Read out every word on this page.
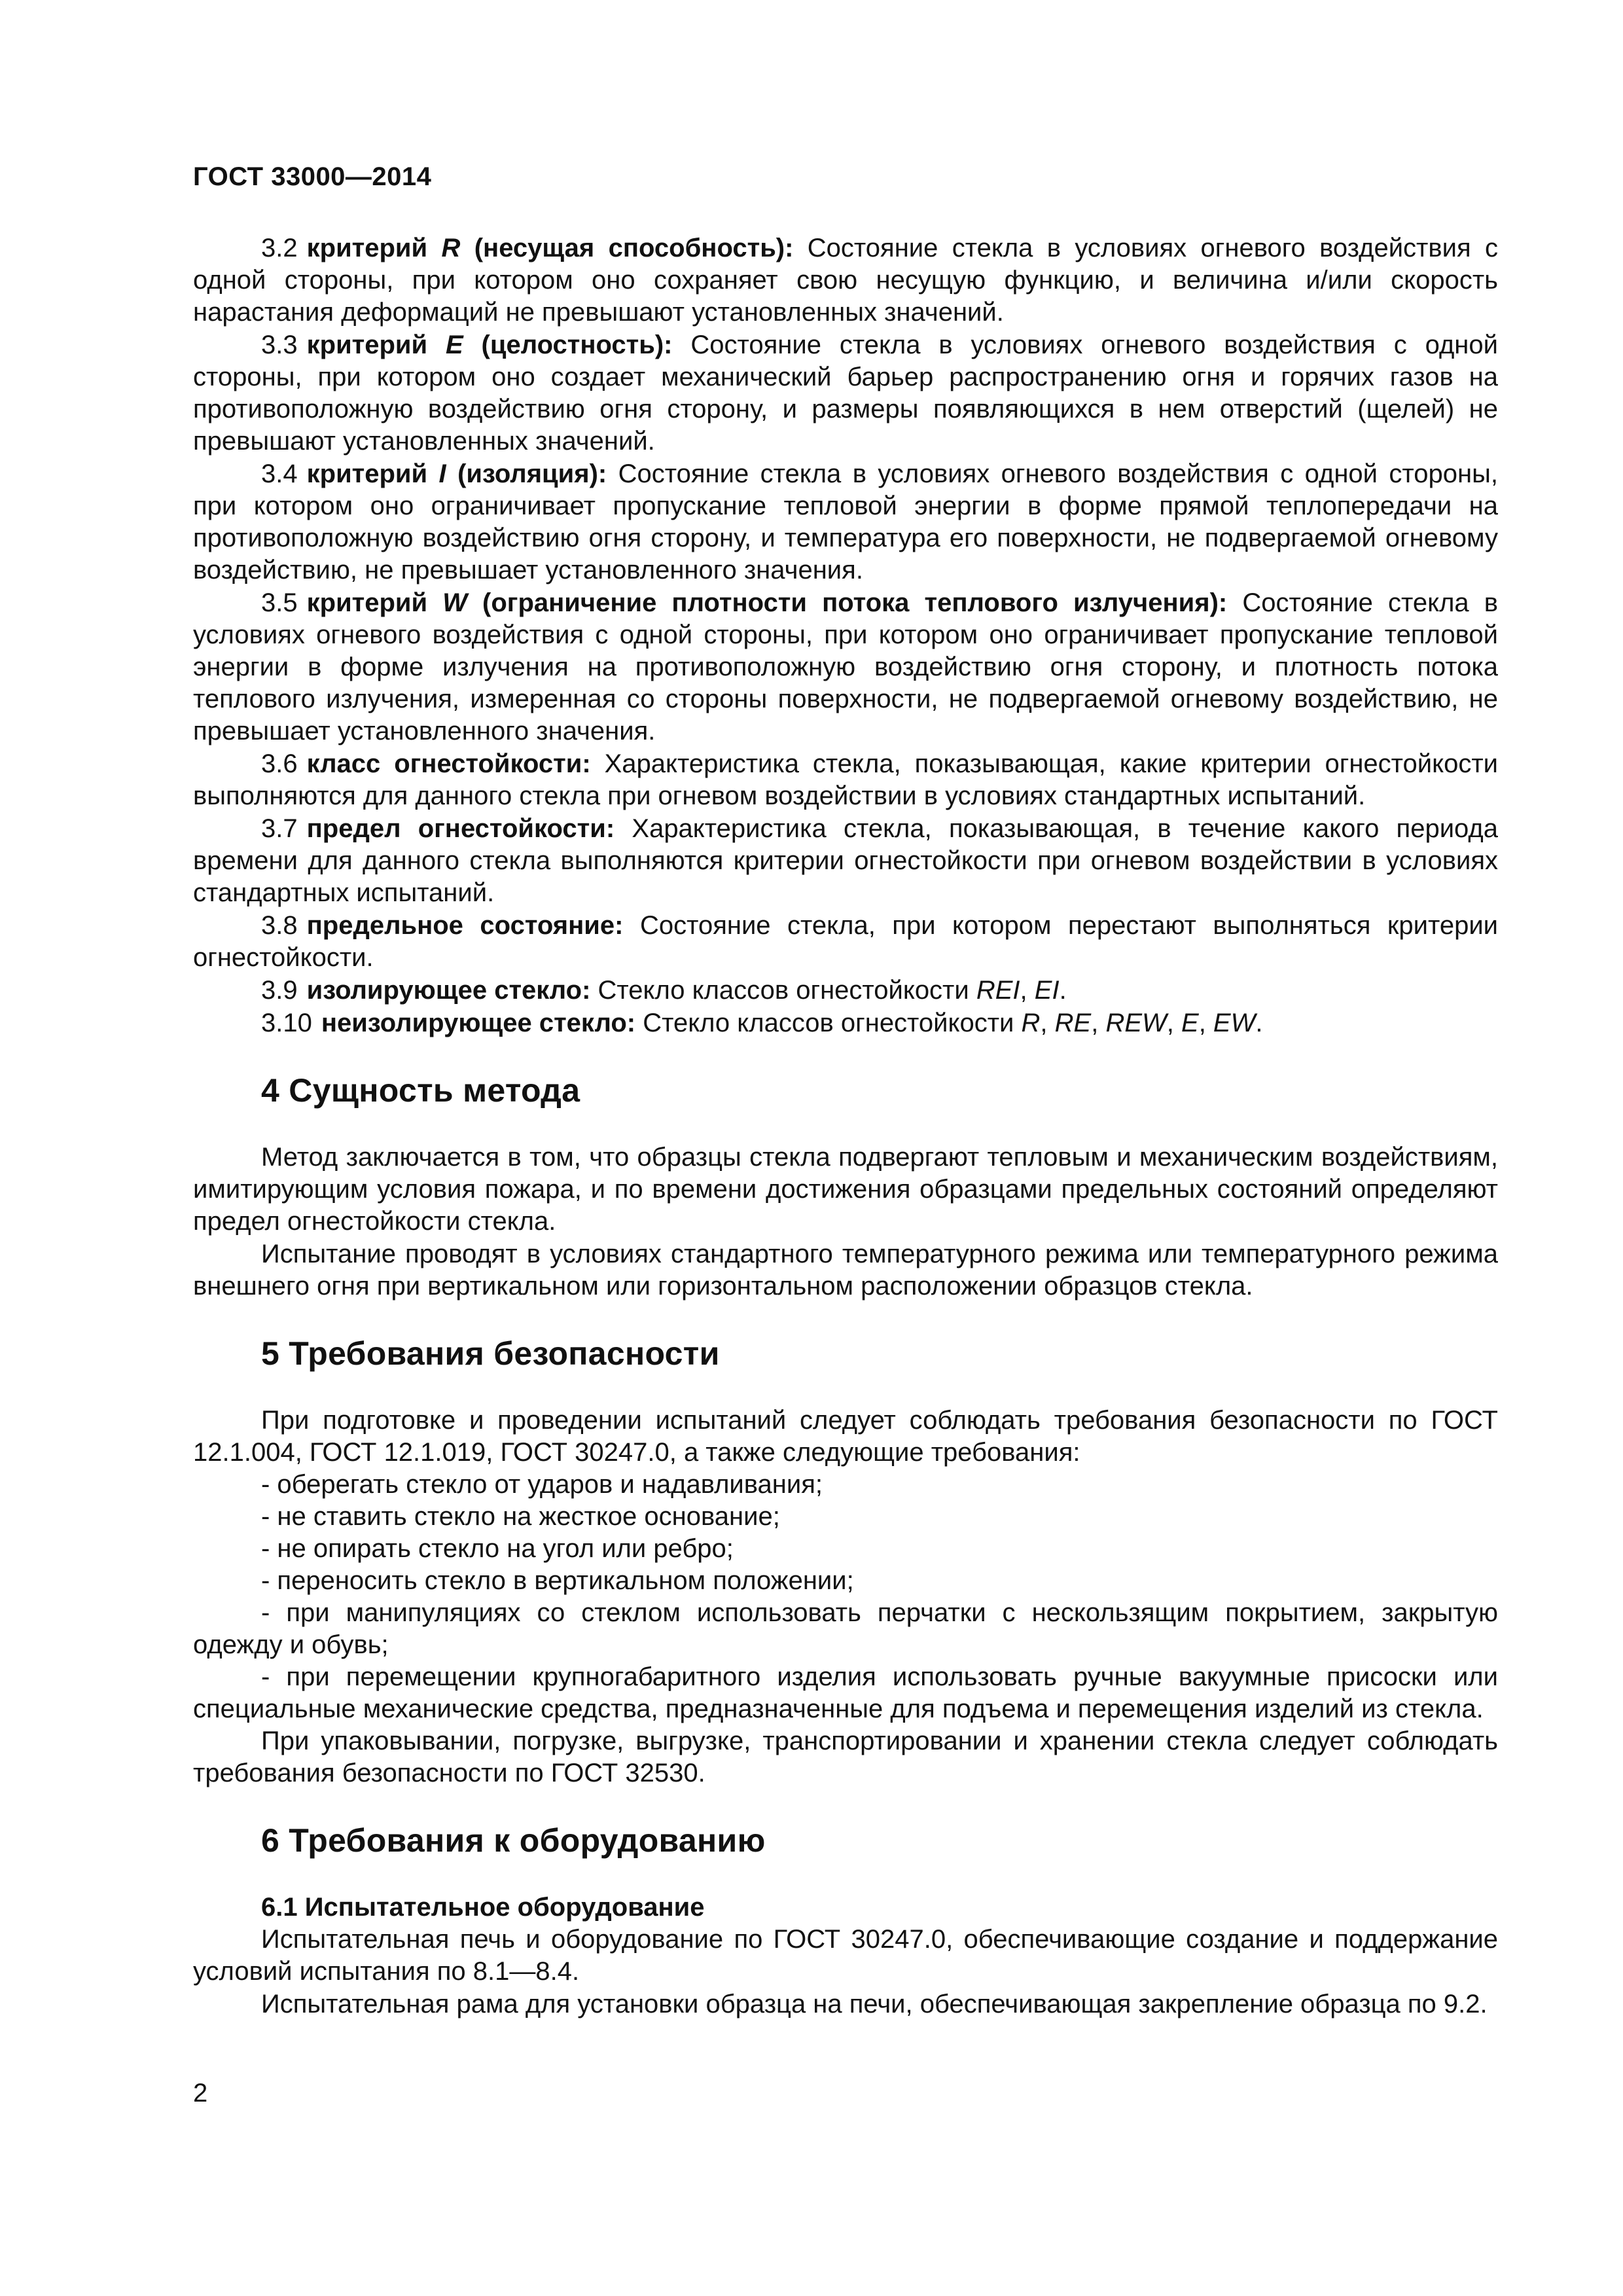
ГОСТ 33000—2014

3.2 критерий R (несущая способность): Состояние стекла в условиях огневого воздействия с одной стороны, при котором оно сохраняет свою несущую функцию, и величина и/или скорость нарастания деформаций не превышают установленных значений.

3.3 критерий E (целостность): Состояние стекла в условиях огневого воздействия с одной стороны, при котором оно создает механический барьер распространению огня и горячих газов на противоположную воздействию огня сторону, и размеры появляющихся в нем отверстий (щелей) не превышают установленных значений.

3.4 критерий I (изоляция): Состояние стекла в условиях огневого воздействия с одной стороны, при котором оно ограничивает пропускание тепловой энергии в форме прямой теплопередачи на противоположную воздействию огня сторону, и температура его поверхности, не подвергаемой огневому воздействию, не превышает установленного значения.

3.5 критерий W (ограничение плотности потока теплового излучения): Состояние стекла в условиях огневого воздействия с одной стороны, при котором оно ограничивает пропускание тепловой энергии в форме излучения на противоположную воздействию огня сторону, и плотность потока теплового излучения, измеренная со стороны поверхности, не подвергаемой огневому воздействию, не превышает установленного значения.

3.6 класс огнестойкости: Характеристика стекла, показывающая, какие критерии огнестойкости выполняются для данного стекла при огневом воздействии в условиях стандартных испытаний.

3.7 предел огнестойкости: Характеристика стекла, показывающая, в течение какого периода времени для данного стекла выполняются критерии огнестойкости при огневом воздействии в условиях стандартных испытаний.

3.8 предельное состояние: Состояние стекла, при котором перестают выполняться критерии огнестойкости.

3.9 изолирующее стекло: Стекло классов огнестойкости REI, EI.

3.10 неизолирующее стекло: Стекло классов огнестойкости R, RE, REW, E, EW.

4 Сущность метода

Метод заключается в том, что образцы стекла подвергают тепловым и механическим воздействиям, имитирующим условия пожара, и по времени достижения образцами предельных состояний определяют предел огнестойкости стекла.

Испытание проводят в условиях стандартного температурного режима или температурного режима внешнего огня при вертикальном или горизонтальном расположении образцов стекла.

5 Требования безопасности

При подготовке и проведении испытаний следует соблюдать требования безопасности по ГОСТ 12.1.004, ГОСТ 12.1.019, ГОСТ 30247.0, а также следующие требования:

- оберегать стекло от ударов и надавливания;

- не ставить стекло на жесткое основание;

- не опирать стекло на угол или ребро;

- переносить стекло в вертикальном положении;

- при манипуляциях со стеклом использовать перчатки с нескользящим покрытием, закрытую одежду и обувь;

- при перемещении крупногабаритного изделия использовать ручные вакуумные присоски или специальные механические средства, предназначенные для подъема и перемещения изделий из стекла.

При упаковывании, погрузке, выгрузке, транспортировании и хранении стекла следует соблюдать требования безопасности по ГОСТ 32530.

6 Требования к оборудованию
6.1 Испытательное оборудование

Испытательная печь и оборудование по ГОСТ 30247.0, обеспечивающие создание и поддержание условий испытания по 8.1—8.4.

Испытательная рама для установки образца на печи, обеспечивающая закрепление образца по 9.2.

2
